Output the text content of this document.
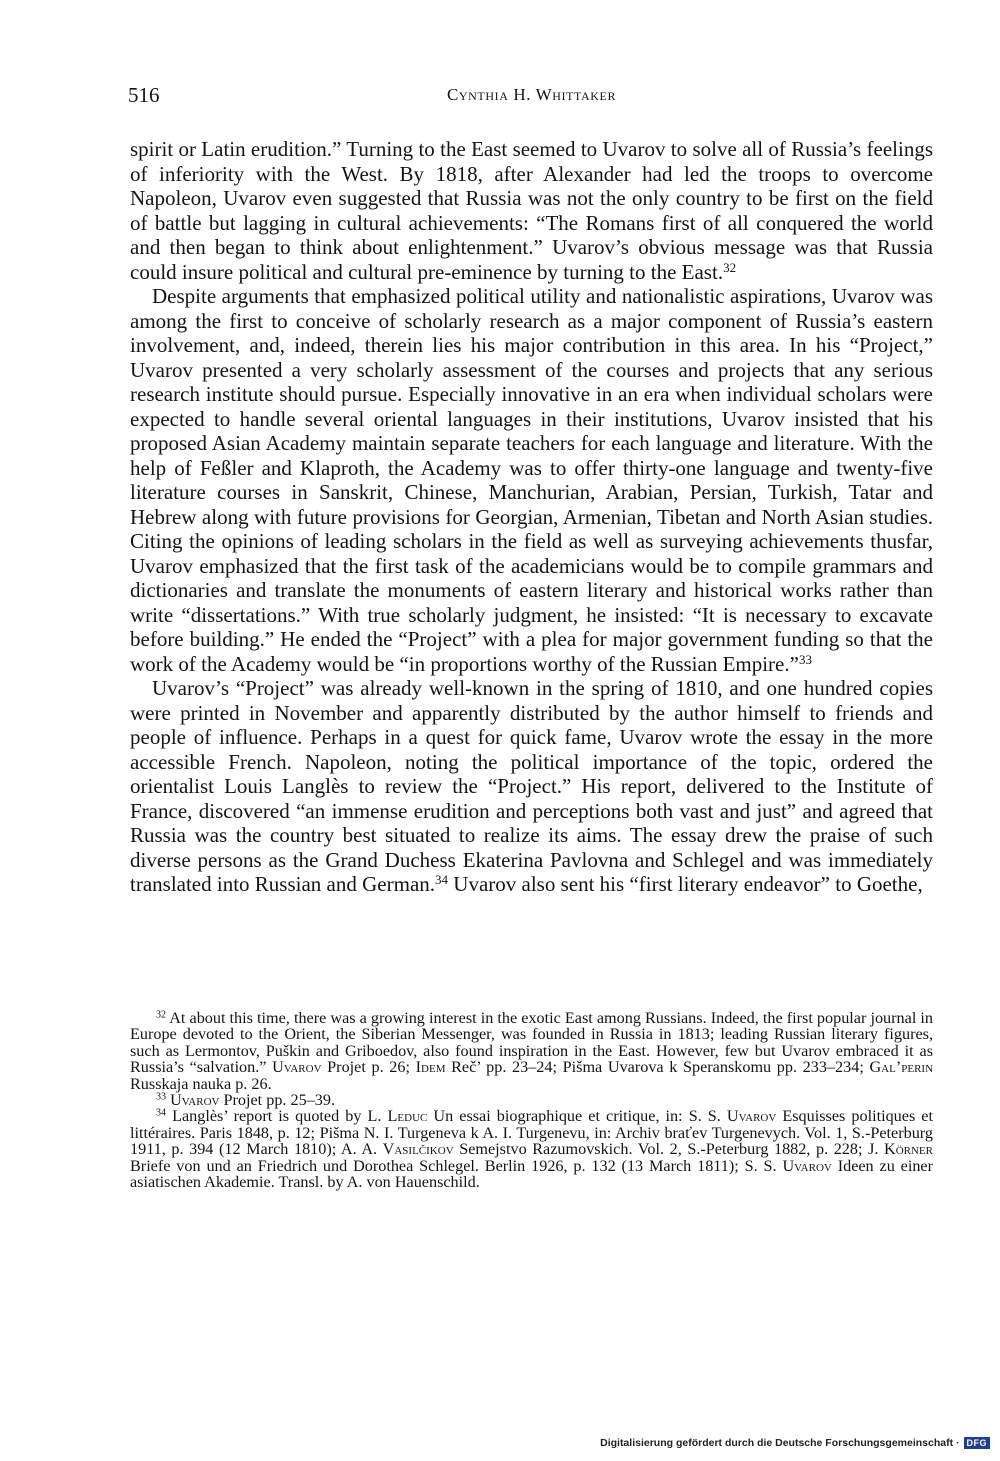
516	Cynthia H. Whittaker

spirit or Latin erudition.” Turning to the East seemed to Uvarov to solve all of Russia’s feelings of inferiority with the West. By 1818, after Alexander had led the troops to overcome Napoleon, Uvarov even suggested that Russia was not the only country to be first on the field of battle but lagging in cultural achievements: “The Romans first of all conquered the world and then began to think about enlightenment.” Uvarov’s obvious message was that Russia could insure political and cultural pre-eminence by turning to the East.$^{32}$

Despite arguments that emphasized political utility and nationalistic aspirations, Uvarov was among the first to conceive of scholarly research as a major component of Russia’s eastern involvement, and, indeed, therein lies his major contribution in this area. In his “Project,” Uvarov presented a very scholarly assessment of the courses and projects that any serious research institute should pursue. Especially innovative in an era when individual scholars were expected to handle several oriental languages in their institutions, Uvarov insisted that his proposed Asian Academy maintain separate teachers for each language and literature. With the help of Feßler and Klaproth, the Academy was to offer thirty-one language and twenty-five literature courses in Sanskrit, Chinese, Manchurian, Arabian, Persian, Turkish, Tatar and Hebrew along with future provisions for Georgian, Armenian, Tibetan and North Asian studies. Citing the opinions of leading scholars in the field as well as surveying achievements thusfar, Uvarov emphasized that the first task of the academicians would be to compile grammars and dictionaries and translate the monuments of eastern literary and historical works rather than write “dissertations.” With true scholarly judgment, he insisted: “It is necessary to excavate before building.” He ended the “Project” with a plea for major government funding so that the work of the Academy would be “in proportions worthy of the Russian Empire.”$^{33}$

Uvarov’s “Project” was already well-known in the spring of 1810, and one hundred copies were printed in November and apparently distributed by the author himself to friends and people of influence. Perhaps in a quest for quick fame, Uvarov wrote the essay in the more accessible French. Napoleon, noting the political importance of the topic, ordered the orientalist Louis Langlès to review the “Project.” His report, delivered to the Institute of France, discovered “an immense erudition and perceptions both vast and just” and agreed that Russia was the country best situated to realize its aims. The essay drew the praise of such diverse persons as the Grand Duchess Ekaterina Pavlovna and Schlegel and was immediately translated into Russian and German.$^{34}$ Uvarov also sent his “first literary endeavor” to Goethe,

$^{32}$ At about this time, there was a growing interest in the exotic East among Russians. Indeed, the first popular journal in Europe devoted to the Orient, the Siberian Messenger, was founded in Russia in 1813; leading Russian literary figures, such as Lermontov, Puškin and Griboedov, also found inspiration in the East. However, few but Uvarov embraced it as Russia’s “salvation.” Uvarov Projet p. 26; Idem Reč’ pp. 23–24; Pišma Uvarova k Speranskomu pp. 233–234; Gal’perin Russkaja nauka p. 26.

$^{33}$ Uvarov Projet pp. 25–39.

$^{34}$ Langlès’ report is quoted by L. Leduc Un essai biographique et critique, in: S. S. Uvarov Esquisses politiques et littéraires. Paris 1848, p. 12; Pišma N. I. Turgeneva k A. I. Turgenevu, in: Archiv braťev Turgenevych. Vol. 1, S.-Peterburg 1911, p. 394 (12 March 1810); A. A. Vasilčikov Semejstvo Razumovskich. Vol. 2, S.-Peterburg 1882, p. 228; J. Körner Briefe von und an Friedrich und Dorothea Schlegel. Berlin 1926, p. 132 (13 March 1811); S. S. Uvarov Ideen zu einer asiatischen Akademie. Transl. by A. von Hauenschild.

Digitalisierung gefördert durch die Deutsche Forschungsgemeinschaft · DFG
